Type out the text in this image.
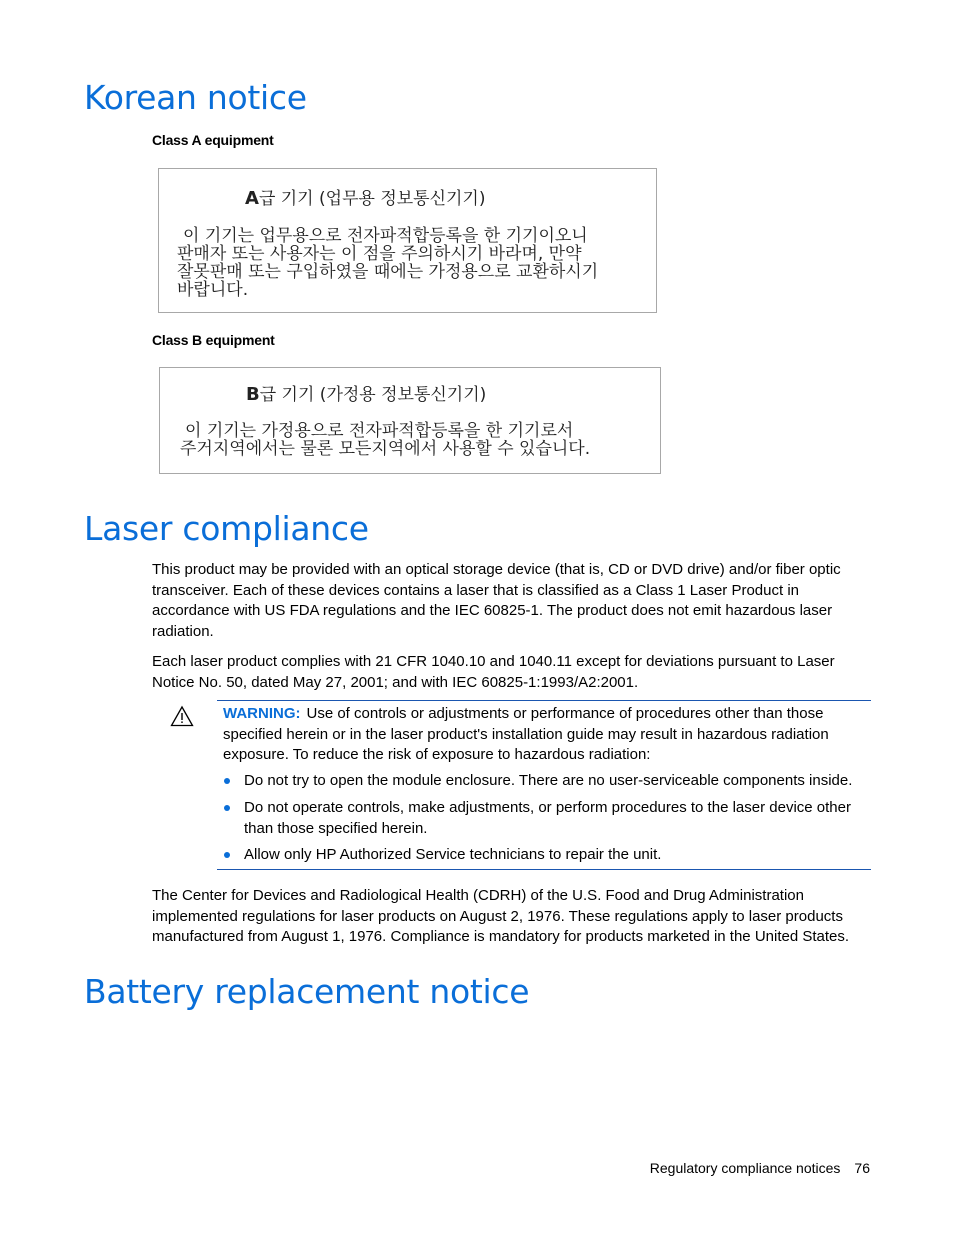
Korean notice
Class A equipment
A급 기기 (업무용 정보통신기기)
이 기기는 업무용으로 전자파적합등록을 한 기기이오니
판매자 또는 사용자는 이 점을 주의하시기 바라며, 만약
잘못판매 또는 구입하였을 때에는 가정용으로 교환하시기
바랍니다.
Class B equipment
B급 기기 (가정용 정보통신기기)
이 기기는 가정용으로 전자파적합등록을 한 기기로서
주거지역에서는 물론 모든지역에서 사용할 수 있습니다.
Laser compliance

This product may be provided with an optical storage device (that is, CD or DVD drive) and/or fiber optic transceiver. Each of these devices contains a laser that is classified as a Class 1 Laser Product in accordance with US FDA regulations and the IEC 60825-1. The product does not emit hazardous laser radiation.

Each laser product complies with 21 CFR 1040.10 and 1040.11 except for deviations pursuant to Laser Notice No. 50, dated May 27, 2001; and with IEC 60825-1:1993/A2:2001.

WARNING: Use of controls or adjustments or performance of procedures other than those specified herein or in the laser product's installation guide may result in hazardous radiation exposure. To reduce the risk of exposure to hazardous radiation:

Do not try to open the module enclosure. There are no user-serviceable components inside.
Do not operate controls, make adjustments, or perform procedures to the laser device other than those specified herein.
Allow only HP Authorized Service technicians to repair the unit.

The Center for Devices and Radiological Health (CDRH) of the U.S. Food and Drug Administration implemented regulations for laser products on August 2, 1976. These regulations apply to laser products manufactured from August 1, 1976. Compliance is mandatory for products marketed in the United States.

Battery replacement notice
Regulatory compliance notices 76
